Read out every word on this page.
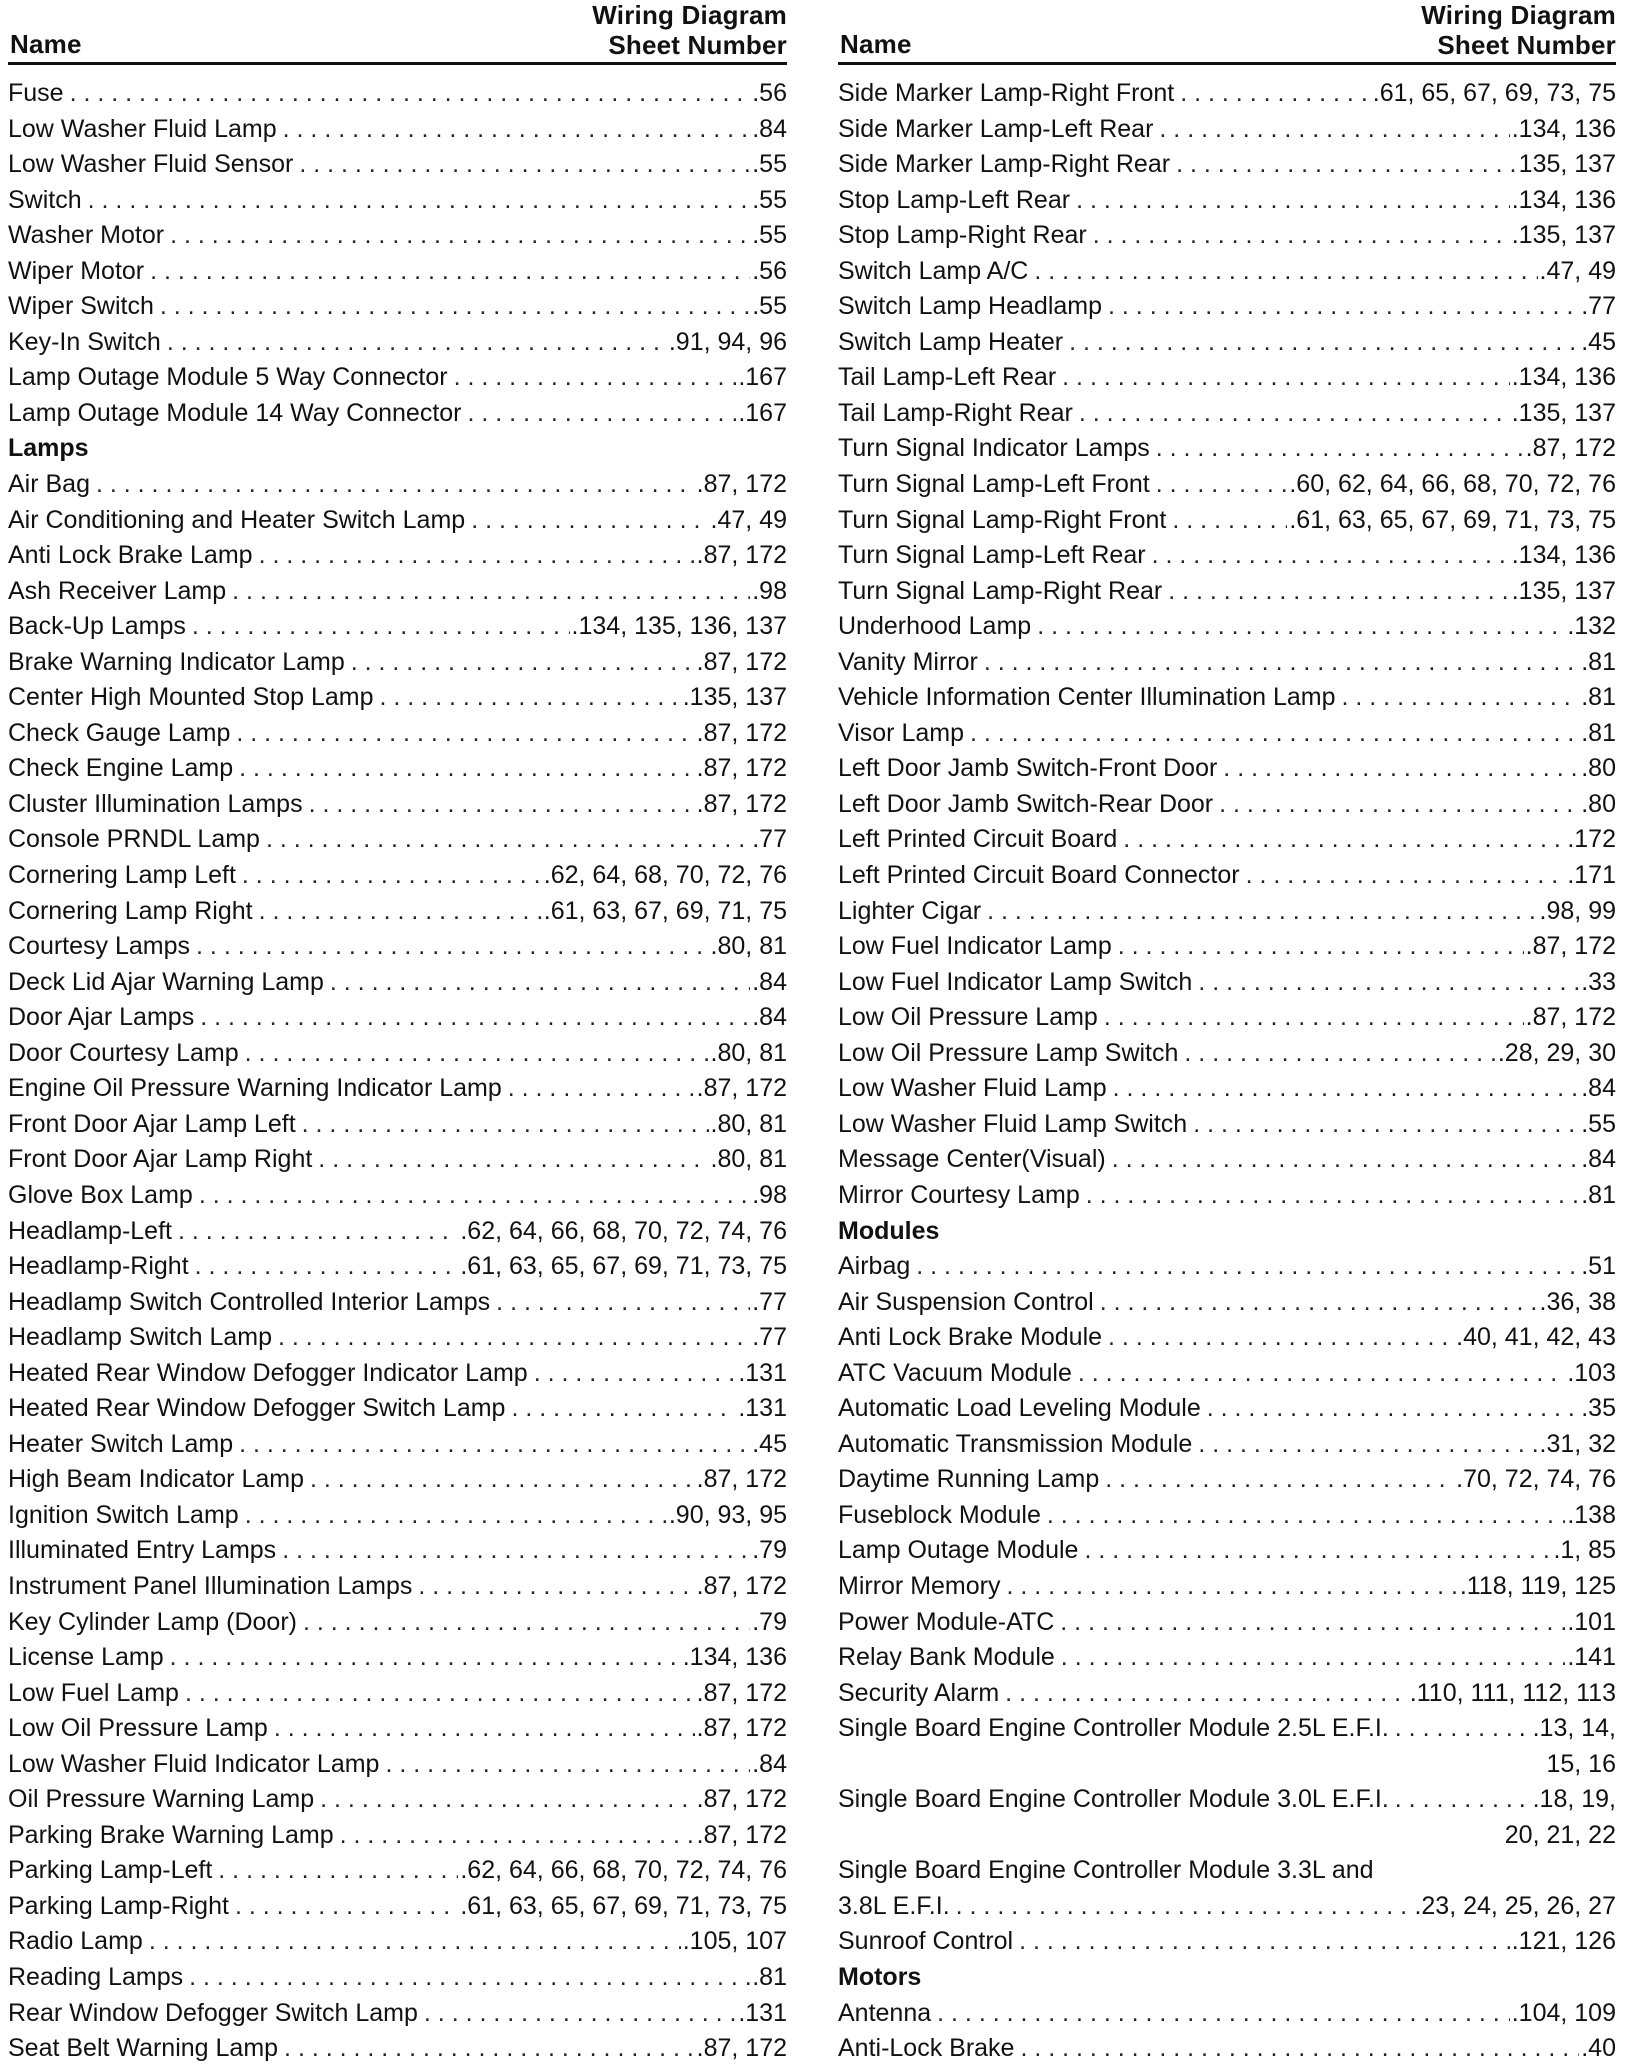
Name
Wiring Diagram
Sheet Number
Fuse . . .	.56
Low Washer Fluid Lamp . . .	.84
Low Washer Fluid Sensor . . .	.55
Switch . . .	.55
Washer Motor . . .	.55
Wiper Motor . . .	.56
Wiper Switch . . .	.55
Key-In Switch . . .	.91, 94, 96
Lamp Outage Module 5 Way Connector . . .	.167
Lamp Outage Module 14 Way Connector . . .	.167
Lamps
Air Bag . . .	.87, 172
Air Conditioning and Heater Switch Lamp . . .	.47, 49
Anti Lock Brake Lamp . . .	.87, 172
Ash Receiver Lamp . . .	.98
Back-Up Lamps . . .	.134, 135, 136, 137
Brake Warning Indicator Lamp . . .	.87, 172
Center High Mounted Stop Lamp . . .	.135, 137
Check Gauge Lamp . . .	.87, 172
Check Engine Lamp . . .	.87, 172
Cluster Illumination Lamps . . .	.87, 172
Console PRNDL Lamp . . .	.77
Cornering Lamp Left . . .	.62, 64, 68, 70, 72, 76
Cornering Lamp Right . . .	.61, 63, 67, 69, 71, 75
Courtesy Lamps . . .	.80, 81
Deck Lid Ajar Warning Lamp . . .	.84
Door Ajar Lamps . . .	.84
Door Courtesy Lamp . . .	.80, 81
Engine Oil Pressure Warning Indicator Lamp . . .	.87, 172
Front Door Ajar Lamp Left . . .	.80, 81
Front Door Ajar Lamp Right . . .	.80, 81
Glove Box Lamp . . .	.98
Headlamp-Left . . .	.62, 64, 66, 68, 70, 72, 74, 76
Headlamp-Right . . .	.61, 63, 65, 67, 69, 71, 73, 75
Headlamp Switch Controlled Interior Lamps . . .	.77
Headlamp Switch Lamp . . .	.77
Heated Rear Window Defogger Indicator Lamp . . .	.131
Heated Rear Window Defogger Switch Lamp . . .	.131
Heater Switch Lamp . . .	.45
High Beam Indicator Lamp . . .	.87, 172
Ignition Switch Lamp . . .	.90, 93, 95
Illuminated Entry Lamps . . .	.79
Instrument Panel Illumination Lamps . . .	.87, 172
Key Cylinder Lamp (Door) . . .	.79
License Lamp . . .	.134, 136
Low Fuel Lamp . . .	.87, 172
Low Oil Pressure Lamp . . .	.87, 172
Low Washer Fluid Indicator Lamp . . .	.84
Oil Pressure Warning Lamp . . .	.87, 172
Parking Brake Warning Lamp . . .	.87, 172
Parking Lamp-Left . . .	.62, 64, 66, 68, 70, 72, 74, 76
Parking Lamp-Right . . .	.61, 63, 65, 67, 69, 71, 73, 75
Radio Lamp . . .	.105, 107
Reading Lamps . . .	.81
Rear Window Defogger Switch Lamp . . .	.131
Seat Belt Warning Lamp . . .	.87, 172
Name
Wiring Diagram
Sheet Number
Side Marker Lamp-Right Front . . .	.61, 65, 67, 69, 73, 75
Side Marker Lamp-Left Rear . . .	.134, 136
Side Marker Lamp-Right Rear . . .	135, 137
Stop Lamp-Left Rear . . .	.134, 136
Stop Lamp-Right Rear . . .	.135, 137
Switch Lamp A/C . . .	.47, 49
Switch Lamp Headlamp . . .	.77
Switch Lamp Heater . . .	.45
Tail Lamp-Left Rear . . .	.134, 136
Tail Lamp-Right Rear . . .	.135, 137
Turn Signal Indicator Lamps . . .	.87, 172
Turn Signal Lamp-Left Front . . .	.60, 62, 64, 66, 68, 70, 72, 76
Turn Signal Lamp-Right Front . . .	.61, 63, 65, 67, 69, 71, 73, 75
Turn Signal Lamp-Left Rear . . .	.134, 136
Turn Signal Lamp-Right Rear . . .	.135, 137
Underhood Lamp . . .	.132
Vanity Mirror . . .	.81
Vehicle Information Center Illumination Lamp . . .	.81
Visor Lamp . . .	.81
Left Door Jamb Switch-Front Door . . .	.80
Left Door Jamb Switch-Rear Door . . .	.80
Left Printed Circuit Board . . .	.172
Left Printed Circuit Board Connector . . .	.171
Lighter Cigar . . .	.98, 99
Low Fuel Indicator Lamp . . .	.87, 172
Low Fuel Indicator Lamp Switch . . .	.33
Low Oil Pressure Lamp . . .	.87, 172
Low Oil Pressure Lamp Switch . . .	.28, 29, 30
Low Washer Fluid Lamp . . .	.84
Low Washer Fluid Lamp Switch . . .	.55
Message Center(Visual) . . .	.84
Mirror Courtesy Lamp . . .	.81
Modules
Airbag . . .	.51
Air Suspension Control . . .	.36, 38
Anti Lock Brake Module . . .	.40, 41, 42, 43
ATC Vacuum Module . . .	.103
Automatic Load Leveling Module . . .	.35
Automatic Transmission Module . . .	.31, 32
Daytime Running Lamp . . .	.70, 72, 74, 76
Fuseblock Module . . .	.138
Lamp Outage Module . . .	.1, 85
Mirror Memory . . .	.118, 119, 125
Power Module-ATC . . .	.101
Relay Bank Module . . .	.141
Security Alarm . . .	.110, 111, 112, 113
Single Board Engine Controller Module 2.5L E.F.I. . . .	. .13, 14,
15, 16
Single Board Engine Controller Module 3.0L E.F.I. . . .	. .18, 19,
20, 21, 22
Single Board Engine Controller Module 3.3L and
3.8L E.F.I. . . .	.23, 24, 25, 26, 27
Sunroof Control . . .	.121, 126
Motors
Antenna . . .	.104, 109
Anti-Lock Brake . . .	.40
